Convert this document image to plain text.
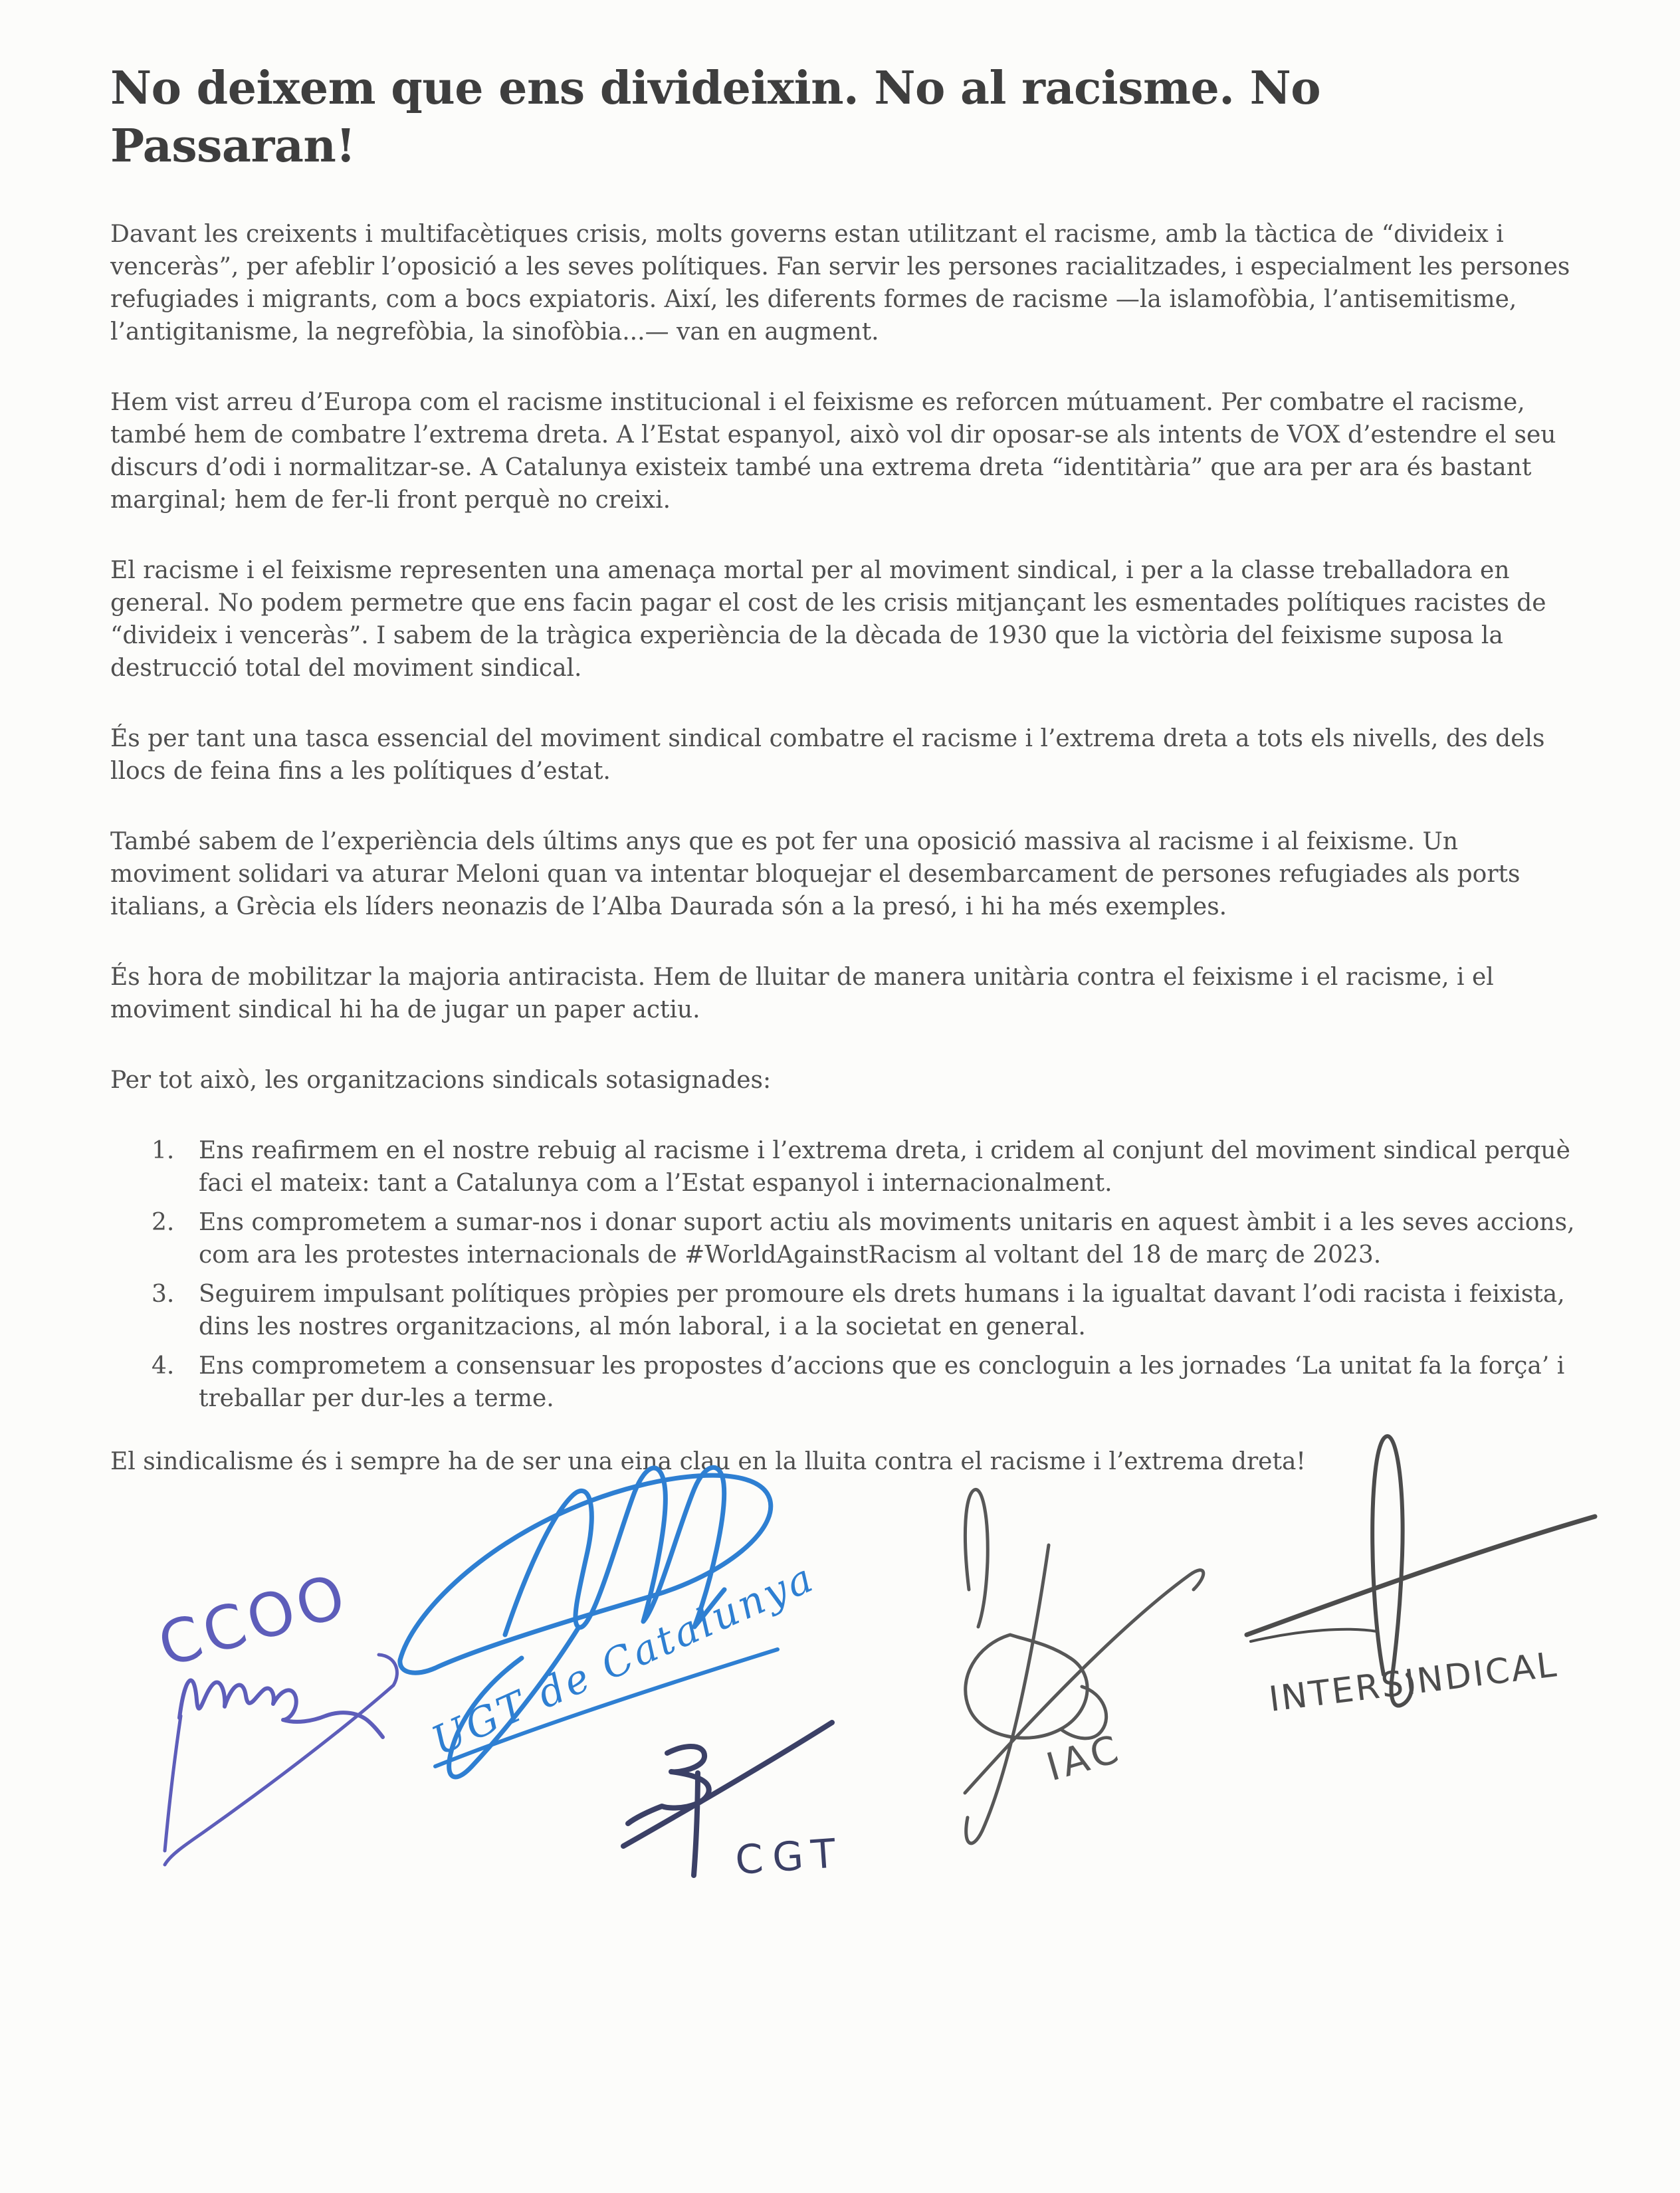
No deixem que ens divideixin. No al racisme. No Passaran!

Davant les creixents i multifacètiques crisis, molts governs estan utilitzant el racisme, amb la tàctica de “divideix i venceràs”, per afeblir l’oposició a les seves polítiques. Fan servir les persones racialitzades, i especialment les persones refugiades i migrants, com a bocs expiatoris. Així, les diferents formes de racisme —la islamofòbia, l’antisemitisme, l’antigitanisme, la negrefòbia, la sinofòbia...— van en augment.

Hem vist arreu d’Europa com el racisme institucional i el feixisme es reforcen mútuament. Per combatre el racisme, també hem de combatre l’extrema dreta. A l’Estat espanyol, això vol dir oposar-se als intents de VOX d’estendre el seu discurs d’odi i normalitzar-se. A Catalunya existeix també una extrema dreta “identitària” que ara per ara és bastant marginal; hem de fer-li front perquè no creixi.

El racisme i el feixisme representen una amenaça mortal per al moviment sindical, i per a la classe treballadora en general. No podem permetre que ens facin pagar el cost de les crisis mitjançant les esmentades polítiques racistes de “divideix i venceràs”. I sabem de la tràgica experiència de la dècada de 1930 que la victòria del feixisme suposa la destrucció total del moviment sindical.

És per tant una tasca essencial del moviment sindical combatre el racisme i l’extrema dreta a tots els nivells, des dels llocs de feina fins a les polítiques d’estat.

També sabem de l’experiència dels últims anys que es pot fer una oposició massiva al racisme i al feixisme. Un moviment solidari va aturar Meloni quan va intentar bloquejar el desembarcament de persones refugiades als ports italians, a Grècia els líders neonazis de l’Alba Daurada són a la presó, i hi ha més exemples.

És hora de mobilitzar la majoria antiracista. Hem de lluitar de manera unitària contra el feixisme i el racisme, i el moviment sindical hi ha de jugar un paper actiu.

Per tot això, les organitzacions sindicals sotasignades:

1. Ens reafirmem en el nostre rebuig al racisme i l’extrema dreta, i cridem al conjunt del moviment sindical perquè faci el mateix: tant a Catalunya com a l’Estat espanyol i internacionalment.
2. Ens comprometem a sumar-nos i donar suport actiu als moviments unitaris en aquest àmbit i a les seves accions, com ara les protestes internacionals de #WorldAgainstRacism al voltant del 18 de març de 2023.
3. Seguirem impulsant polítiques pròpies per promoure els drets humans i la igualtat davant l’odi racista i feixista, dins les nostres organitzacions, al món laboral, i a la societat en general.
4. Ens comprometem a consensuar les propostes d’accions que es concloguin a les jornades ‘La unitat fa la força’ i treballar per dur-les a terme.

El sindicalisme és i sempre ha de ser una eina clau en la lluita contra el racisme i l’extrema dreta!

CCOO UGT de Catalunya
CGT
IAC
INTERSINDICAL
